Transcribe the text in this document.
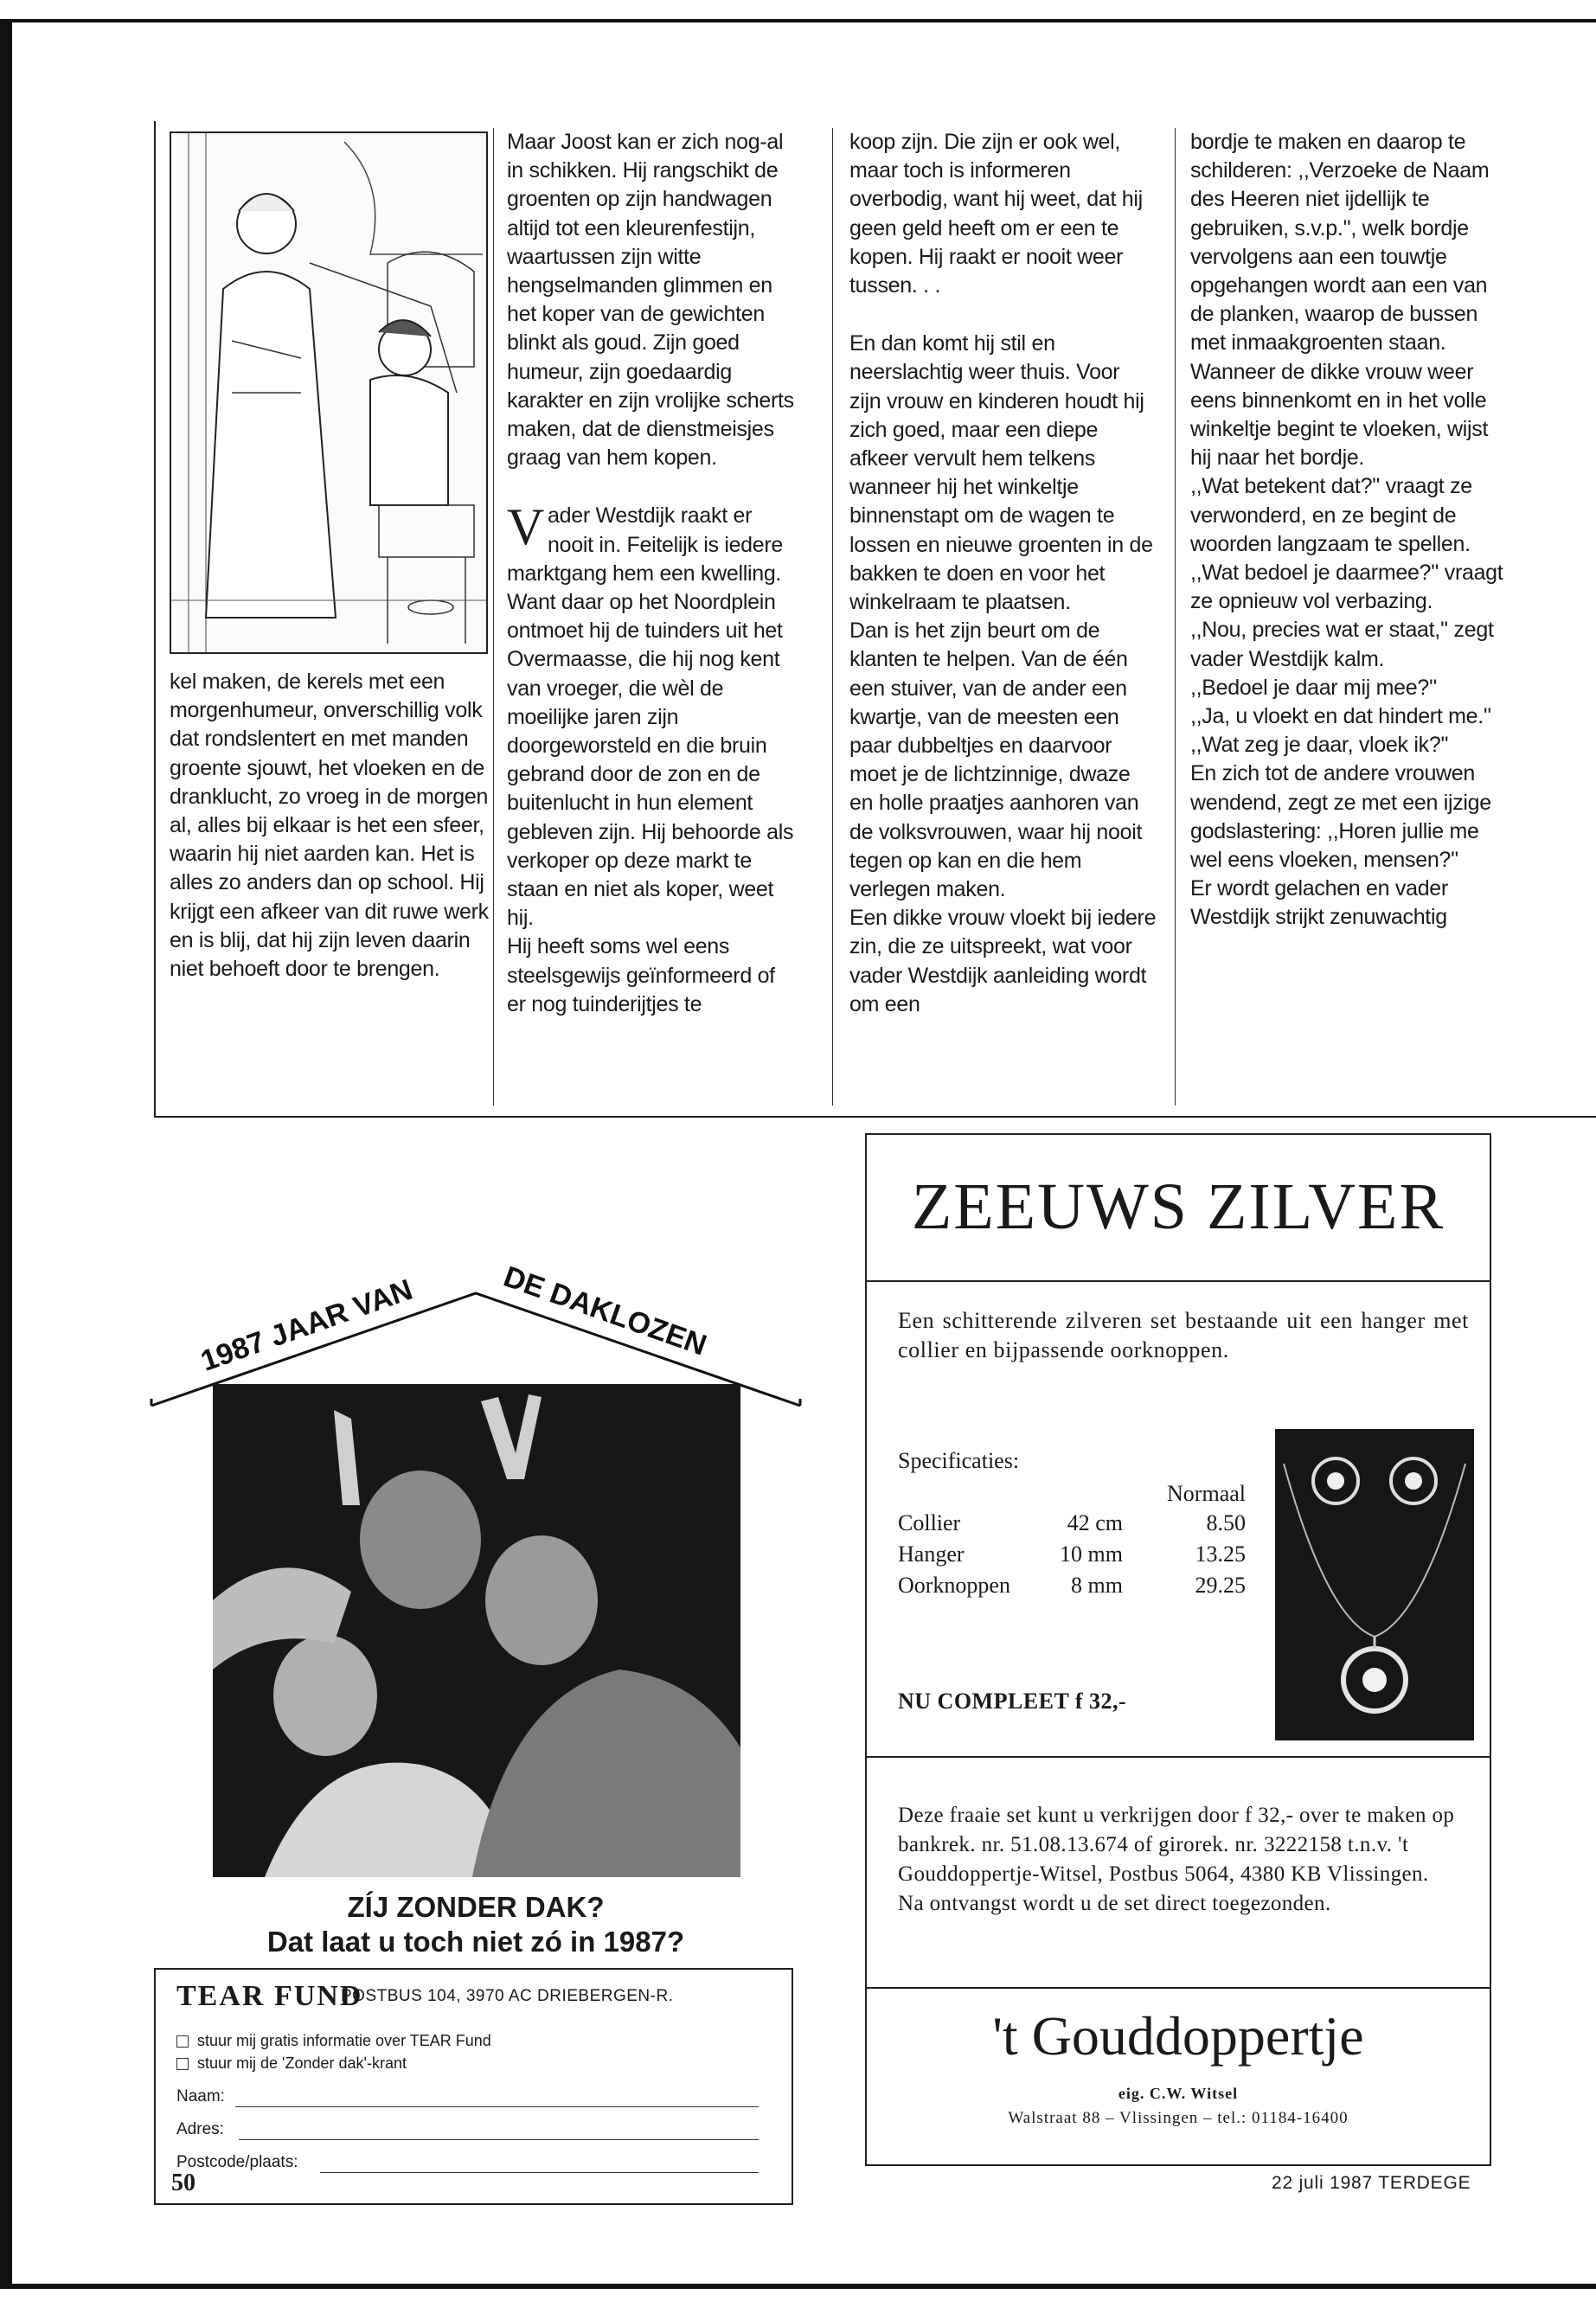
kel maken, de kerels met een morgenhumeur, onverschillig volk dat rondslentert en met manden groente sjouwt, het vloeken en de dranklucht, zo vroeg in de morgen al, alles bij elkaar is het een sfeer, waarin hij niet aarden kan. Het is alles zo anders dan op school. Hij krijgt een afkeer van dit ruwe werk en is blij, dat hij zijn leven daarin niet behoeft door te brengen.

Maar Joost kan er zich nog-al in schikken. Hij rangschikt de groenten op zijn handwagen altijd tot een kleurenfestijn, waartussen zijn witte hengselmanden glimmen en het koper van de gewichten blinkt als goud. Zijn goed humeur, zijn goedaardig karakter en zijn vrolijke scherts maken, dat de dienstmeisjes graag van hem kopen.

Vader Westdijk raakt er nooit in. Feitelijk is iedere marktgang hem een kwelling.

Want daar op het Noordplein ontmoet hij de tuinders uit het Overmaasse, die hij nog kent van vroeger, die wèl de moeilijke jaren zijn doorgeworsteld en die bruin gebrand door de zon en de buitenlucht in hun element gebleven zijn. Hij behoorde als verkoper op deze markt te staan en niet als koper, weet hij.

Hij heeft soms wel eens steelsgewijs geïnformeerd of er nog tuinderijtjes te

koop zijn. Die zijn er ook wel, maar toch is informeren overbodig, want hij weet, dat hij geen geld heeft om er een te kopen. Hij raakt er nooit weer tussen. . .

En dan komt hij stil en neerslachtig weer thuis. Voor zijn vrouw en kinderen houdt hij zich goed, maar een diepe afkeer vervult hem telkens wanneer hij het winkeltje binnenstapt om de wagen te lossen en nieuwe groenten in de bakken te doen en voor het winkelraam te plaatsen.

Dan is het zijn beurt om de klanten te helpen. Van de één een stuiver, van de ander een kwartje, van de meesten een paar dubbeltjes en daarvoor moet je de lichtzinnige, dwaze en holle praatjes aanhoren van de volksvrouwen, waar hij nooit tegen op kan en die hem verlegen maken.

Een dikke vrouw vloekt bij iedere zin, die ze uitspreekt, wat voor vader Westdijk aanleiding wordt om een

bordje te maken en daarop te schilderen: ,,Verzoeke de Naam des Heeren niet ijdellijk te gebruiken, s.v.p.'', welk bordje vervolgens aan een touwtje opgehangen wordt aan een van de planken, waarop de bussen met inmaakgroenten staan.

Wanneer de dikke vrouw weer eens binnenkomt en in het volle winkeltje begint te vloeken, wijst hij naar het bordje.

,,Wat betekent dat?'' vraagt ze verwonderd, en ze begint de woorden langzaam te spellen.

,,Wat bedoel je daarmee?'' vraagt ze opnieuw vol verbazing.

,,Nou, precies wat er staat,'' zegt vader Westdijk kalm.

,,Bedoel je daar mij mee?''

,,Ja, u vloekt en dat hindert me.''

,,Wat zeg je daar, vloek ik?''

En zich tot de andere vrouwen wendend, zegt ze met een ijzige godslastering: ,,Horen jullie me wel eens vloeken, mensen?''

Er wordt gelachen en vader Westdijk strijkt zenuwachtig

1987 JAAR VAN	DE DAKLOZEN
ZÍJ ZONDER DAK?
Dat laat u toch niet zó in 1987?
TEAR FUND
POSTBUS 104, 3970 AC DRIEBERGEN-R.
stuur mij gratis informatie over TEAR Fund
stuur mij de 'Zonder dak'-krant
Naam:
Adres:
Postcode/plaats:
ZEEUWS ZILVER
Een schitterende zilveren set bestaande uit een hanger met collier en bijpassende oorknoppen.
Specificaties:
Normaal
Collier	42 cm	8.50
Hanger	10 mm	13.25
Oorknoppen	8 mm	29.25
NU COMPLEET f 32,-
Deze fraaie set kunt u verkrijgen door f 32,- over te maken op bankrek. nr. 51.08.13.674 of girorek. nr. 3222158 t.n.v. 't Gouddoppertje-Witsel, Postbus 5064, 4380 KB Vlissingen.
Na ontvangst wordt u de set direct toegezonden.
't Gouddoppertje
eig. C.W. Witsel
Walstraat 88 – Vlissingen – tel.: 01184-16400
50	22 juli 1987 TERDEGE
